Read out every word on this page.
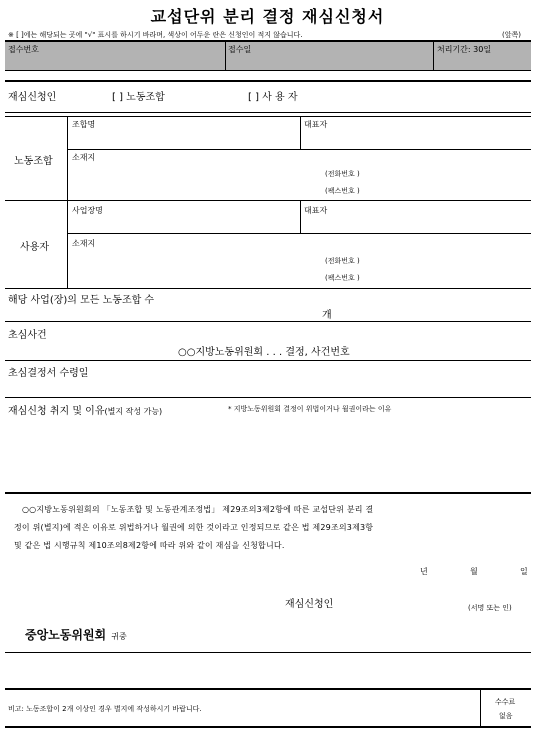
교섭단위 분리 결정 재심신청서
※ [ ]에는 해당되는 곳에 "√" 표시를 하시기 바라며, 색상이 어두운 란은 신청인이 적지 않습니다.	(앞쪽)
접수번호	접수일	처리기간: 30일
재심신청인	[ ] 노동조합	[ ] 사 용 자
노동조합
조합명	대표자
소재지
(전화번호 )
(팩스번호 )
사용자
사업장명	대표자
소재지
(전화번호 )
(팩스번호 )
해당 사업(장)의 모든 노동조합 수
개
초심사건
○○지방노동위원회 . . . 결정, 사건번호
초심결정서 수령일
재심신청 취지 및 이유(별지 작성 가능)	* 지방노동위원회 결정이 위법이거나 월권이라는 이유
○○지방노동위원회의 「노동조합 및 노동관계조정법」 제29조의3제2항에 따른 교섭단위 분리 결
정이 위(별지)에 적은 이유로 위법하거나 월권에 의한 것이라고 인정되므로 같은 법 제29조의3제3항
및 같은 법 시행규칙 제10조의8제2항에 따라 위와 같이 재심을 신청합니다.
년	월	일
재심신청인	(서명 또는 인)
중앙노동위원회 귀중
비고: 노동조합이 2개 이상인 경우 별지에 작성하시기 바랍니다.
수수료
없음
